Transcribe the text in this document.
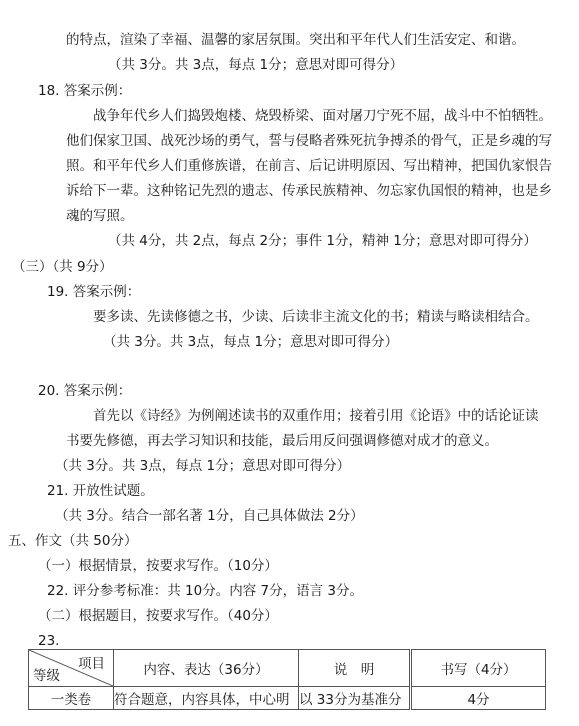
的特点，渲染了幸福、温馨的家居氛围。突出和平年代人们生活安定、和谐。
（共 3分。共 3点，每点 1分；意思对即可得分）
18. 答案示例：
战争年代乡人们捣毁炮楼、烧毁桥梁、面对屠刀宁死不屈，战斗中不怕牺牲。
他们保家卫国、战死沙场的勇气，誓与侵略者殊死抗争搏杀的骨气，正是乡魂的写
照。和平年代乡人们重修族谱，在前言、后记讲明原因、写出精神，把国仇家恨告
诉给下一辈。这种铭记先烈的遗志、传承民族精神、勿忘家仇国恨的精神，也是乡
魂的写照。
（共 4分，共 2点，每点 2分；事件 1分，精神 1分；意思对即可得分）
（三）（共 9分）
19. 答案示例：
要多读、先读修德之书，少读、后读非主流文化的书；精读与略读相结合。
（共 3分。共 3点，每点 1分；意思对即可得分）
20. 答案示例：
首先以《诗经》为例阐述读书的双重作用；接着引用《论语》中的话论证读
书要先修德，再去学习知识和技能，最后用反问强调修德对成才的意义。
（共 3分。共 3点，每点 1分；意思对即可得分）
21. 开放性试题。
（共 3分。结合一部名著 1分，自己具体做法 2分）
五、作文（共 50分）
（一）根据情景，按要求写作。（10分）
22. 评分参考标准：共 10分。内容 7分，语言 3分。
（二）根据题目，按要求写作。（40分）
23.
项目
等级	内容、表达（36分）	说　明	书写（4分）
一类卷	符合题意，内容具体，中心明	以 33分为基准分	4分
